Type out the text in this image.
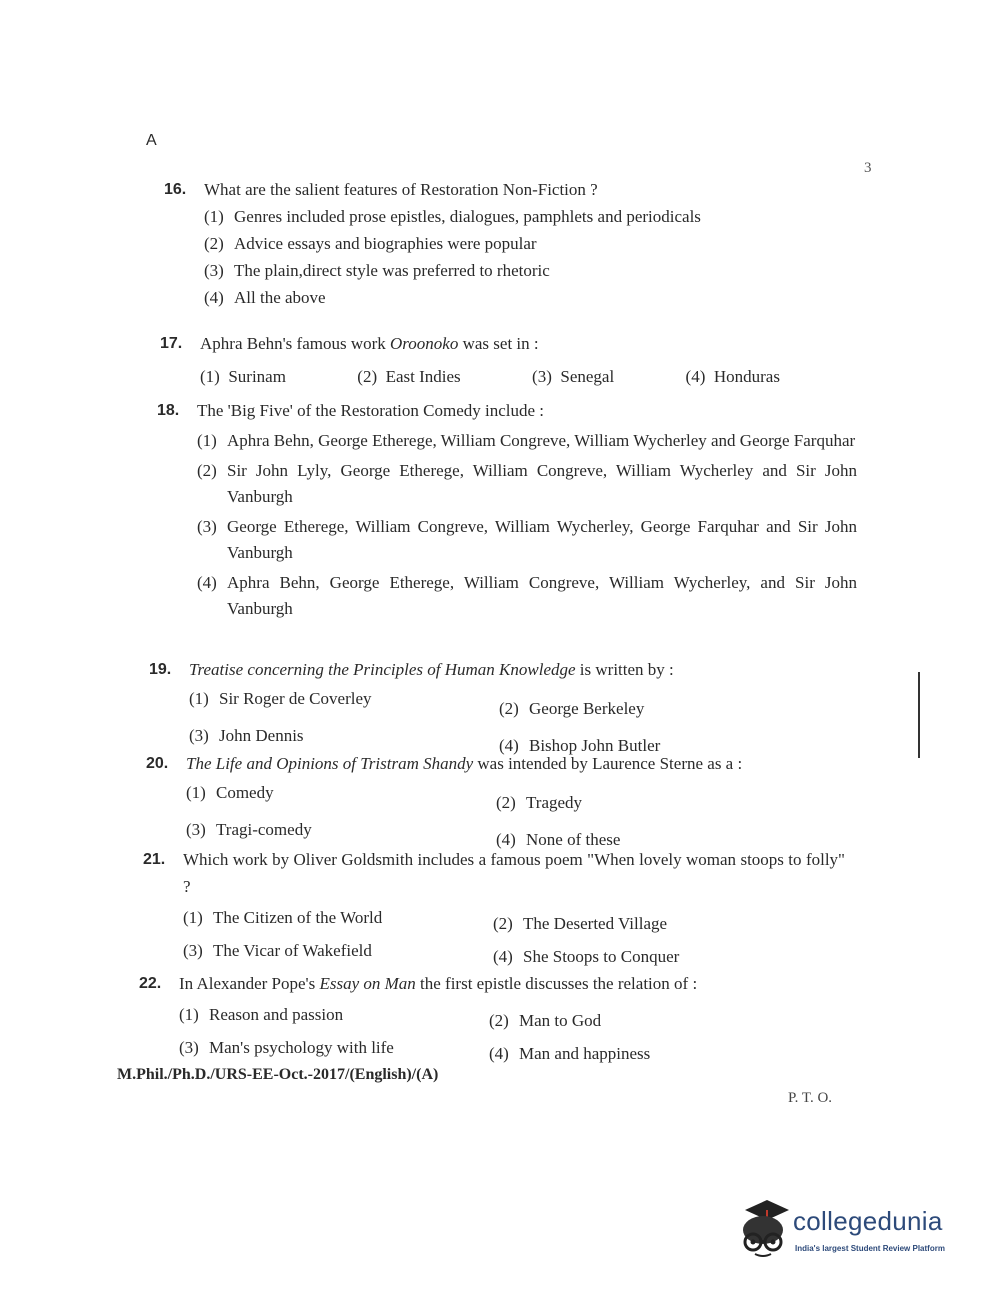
A
3
16. What are the salient features of Restoration Non-Fiction ?
(1) Genres included prose epistles, dialogues, pamphlets and periodicals
(2) Advice essays and biographies were popular
(3) The plain,direct style was preferred to rhetoric
(4) All the above
17. Aphra Behn's famous work Oroonoko was set in :
(1) Surinam	(2) East Indies	(3) Senegal	(4) Honduras
18. The 'Big Five' of the Restoration Comedy include :
(1) Aphra Behn, George Etherege, William Congreve, William Wycherley and George Farquhar
(2) Sir John Lyly, George Etherege, William Congreve, William Wycherley and Sir John Vanburgh
(3) George Etherege, William Congreve, William Wycherley, George Farquhar and Sir John Vanburgh
(4) Aphra Behn, George Etherege, William Congreve, William Wycherley, and Sir John Vanburgh
19. Treatise concerning the Principles of Human Knowledge is written by :
(1) Sir Roger de Coverley
(2) George Berkeley
(3) John Dennis
(4) Bishop John Butler
20. The Life and Opinions of Tristram Shandy was intended by Laurence Sterne as a :
(1) Comedy
(2) Tragedy
(3) Tragi-comedy
(4) None of these
21. Which work by Oliver Goldsmith includes a famous poem "When lovely woman stoops to folly" ?
(1) The Citizen of the World	(2) The Deserted Village
(3) The Vicar of Wakefield	(4) She Stoops to Conquer
22. In Alexander Pope's Essay on Man the first epistle discusses the relation of :
(1) Reason and passion	(2) Man to God
(3) Man's psychology with life	(4) Man and happiness
M.Phil./Ph.D./URS-EE-Oct.-2017/(English)/(A)
P. T. O.
collegedunia
India's largest Student Review Platform
